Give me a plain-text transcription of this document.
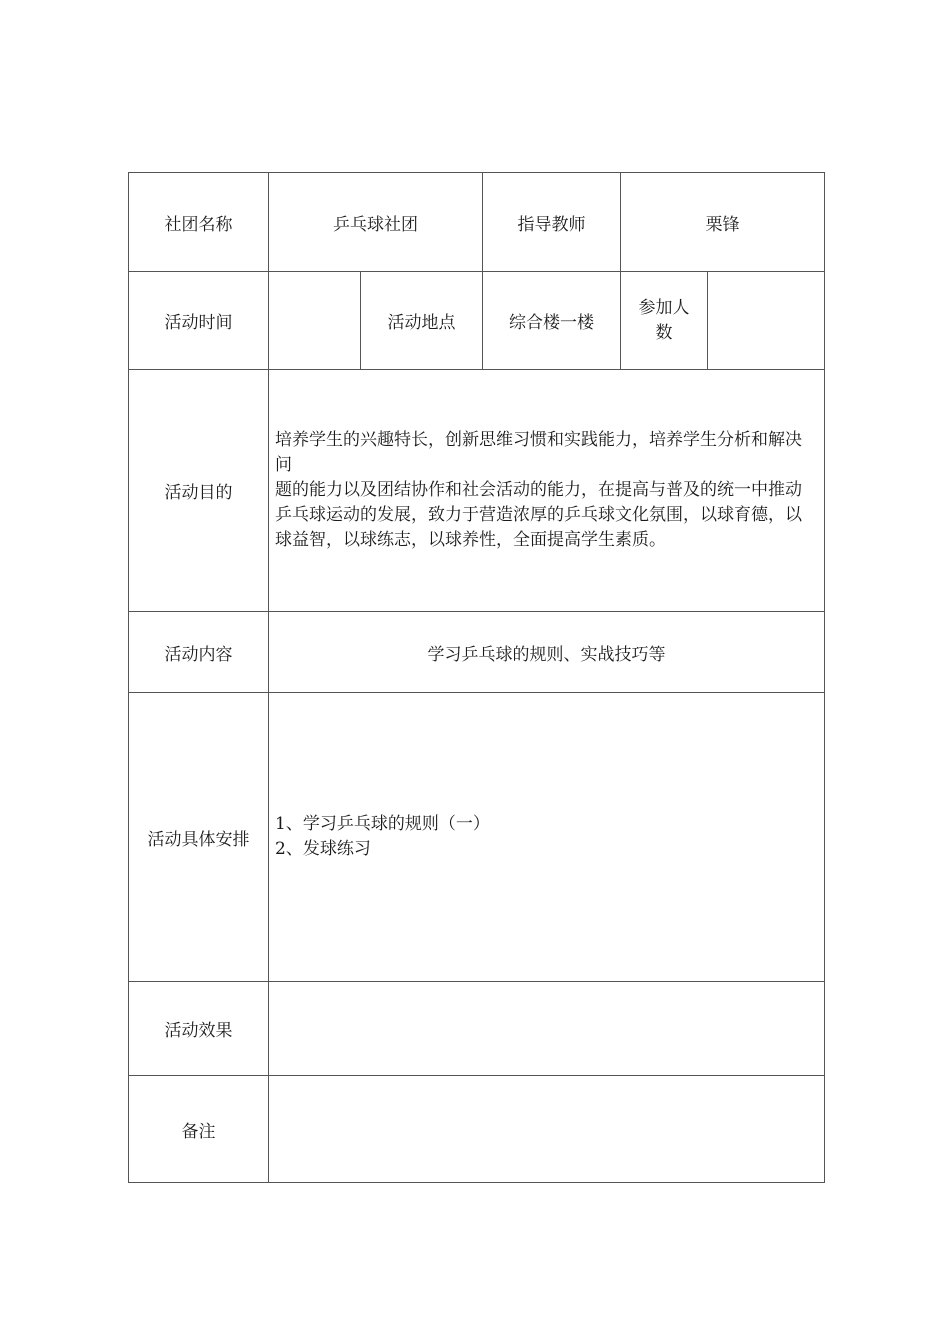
社团名称	乒乓球社团		指导教师	栗锋	
活动时间		活动地点	综合楼一楼	参加人数	
活动目的	培养学生的兴趣特长，创新思维习惯和实践能力，培养学生分析和解决问
题的能力以及团结协作和社会活动的能力，在提高与普及的统一中推动乒乓球运动的发展，致力于营造浓厚的乒乓球文化氛围，以球育德，以球益智，以球练志，以球养性，全面提高学生素质。				

活动内容	学习乒乓球的规则、实战技巧等				
活动具体安排	1、学习乒乓球的规则（一）
2、发球练习				

活动效果					
备注					
